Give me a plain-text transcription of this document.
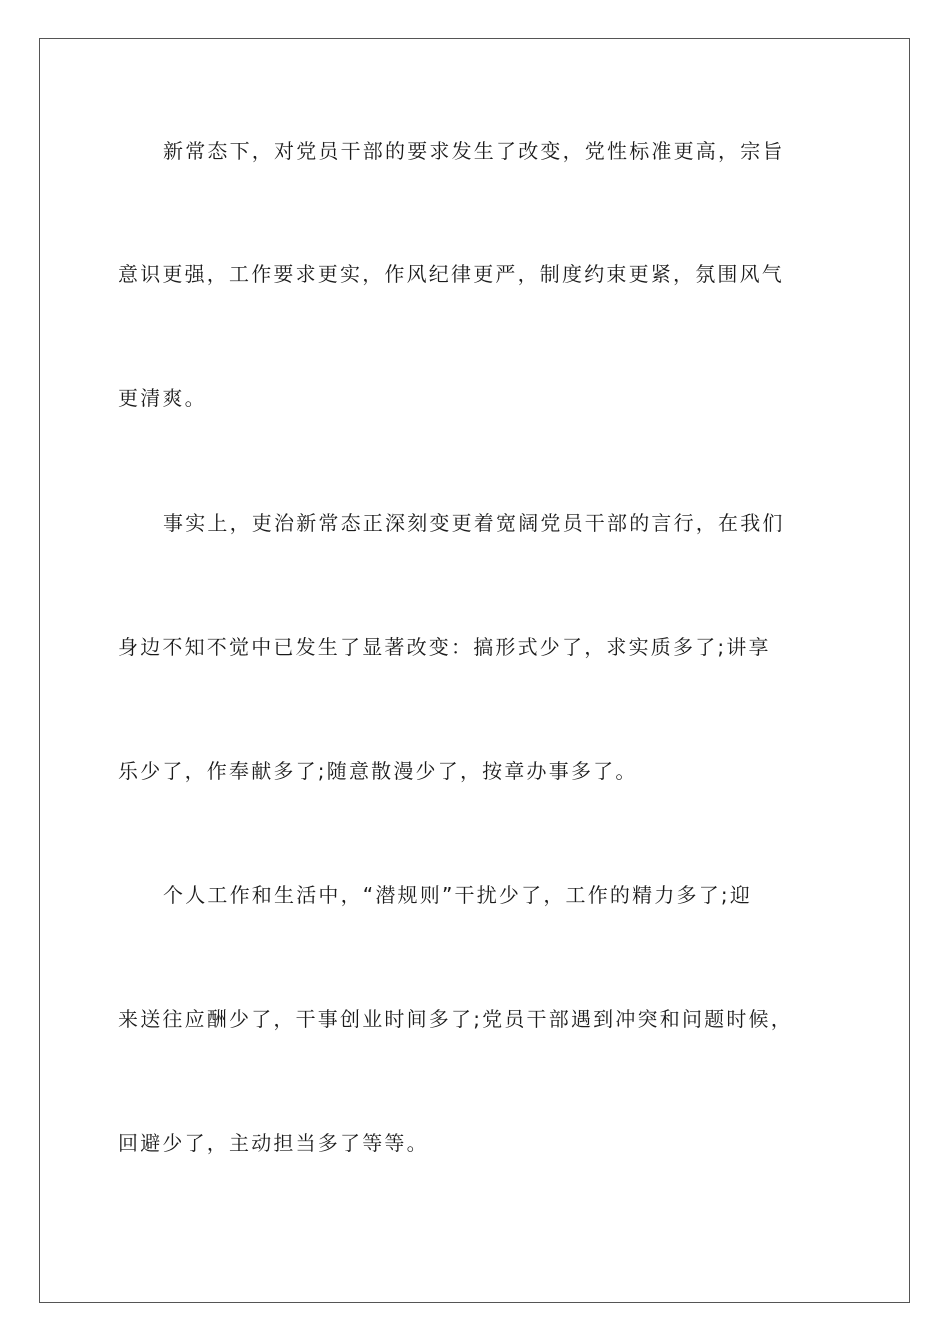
新常态下，对党员干部的要求发生了改变，党性标准更高，宗旨
意识更强，工作要求更实，作风纪律更严，制度约束更紧，氛围风气
更清爽。
事实上，吏治新常态正深刻变更着宽阔党员干部的言行，在我们
身边不知不觉中已发生了显著改变：搞形式少了，求实质多了;讲享
乐少了，作奉献多了;随意散漫少了，按章办事多了。
个人工作和生活中，“潜规则”干扰少了，工作的精力多了;迎
来送往应酬少了，干事创业时间多了;党员干部遇到冲突和问题时候，
回避少了，主动担当多了等等。
